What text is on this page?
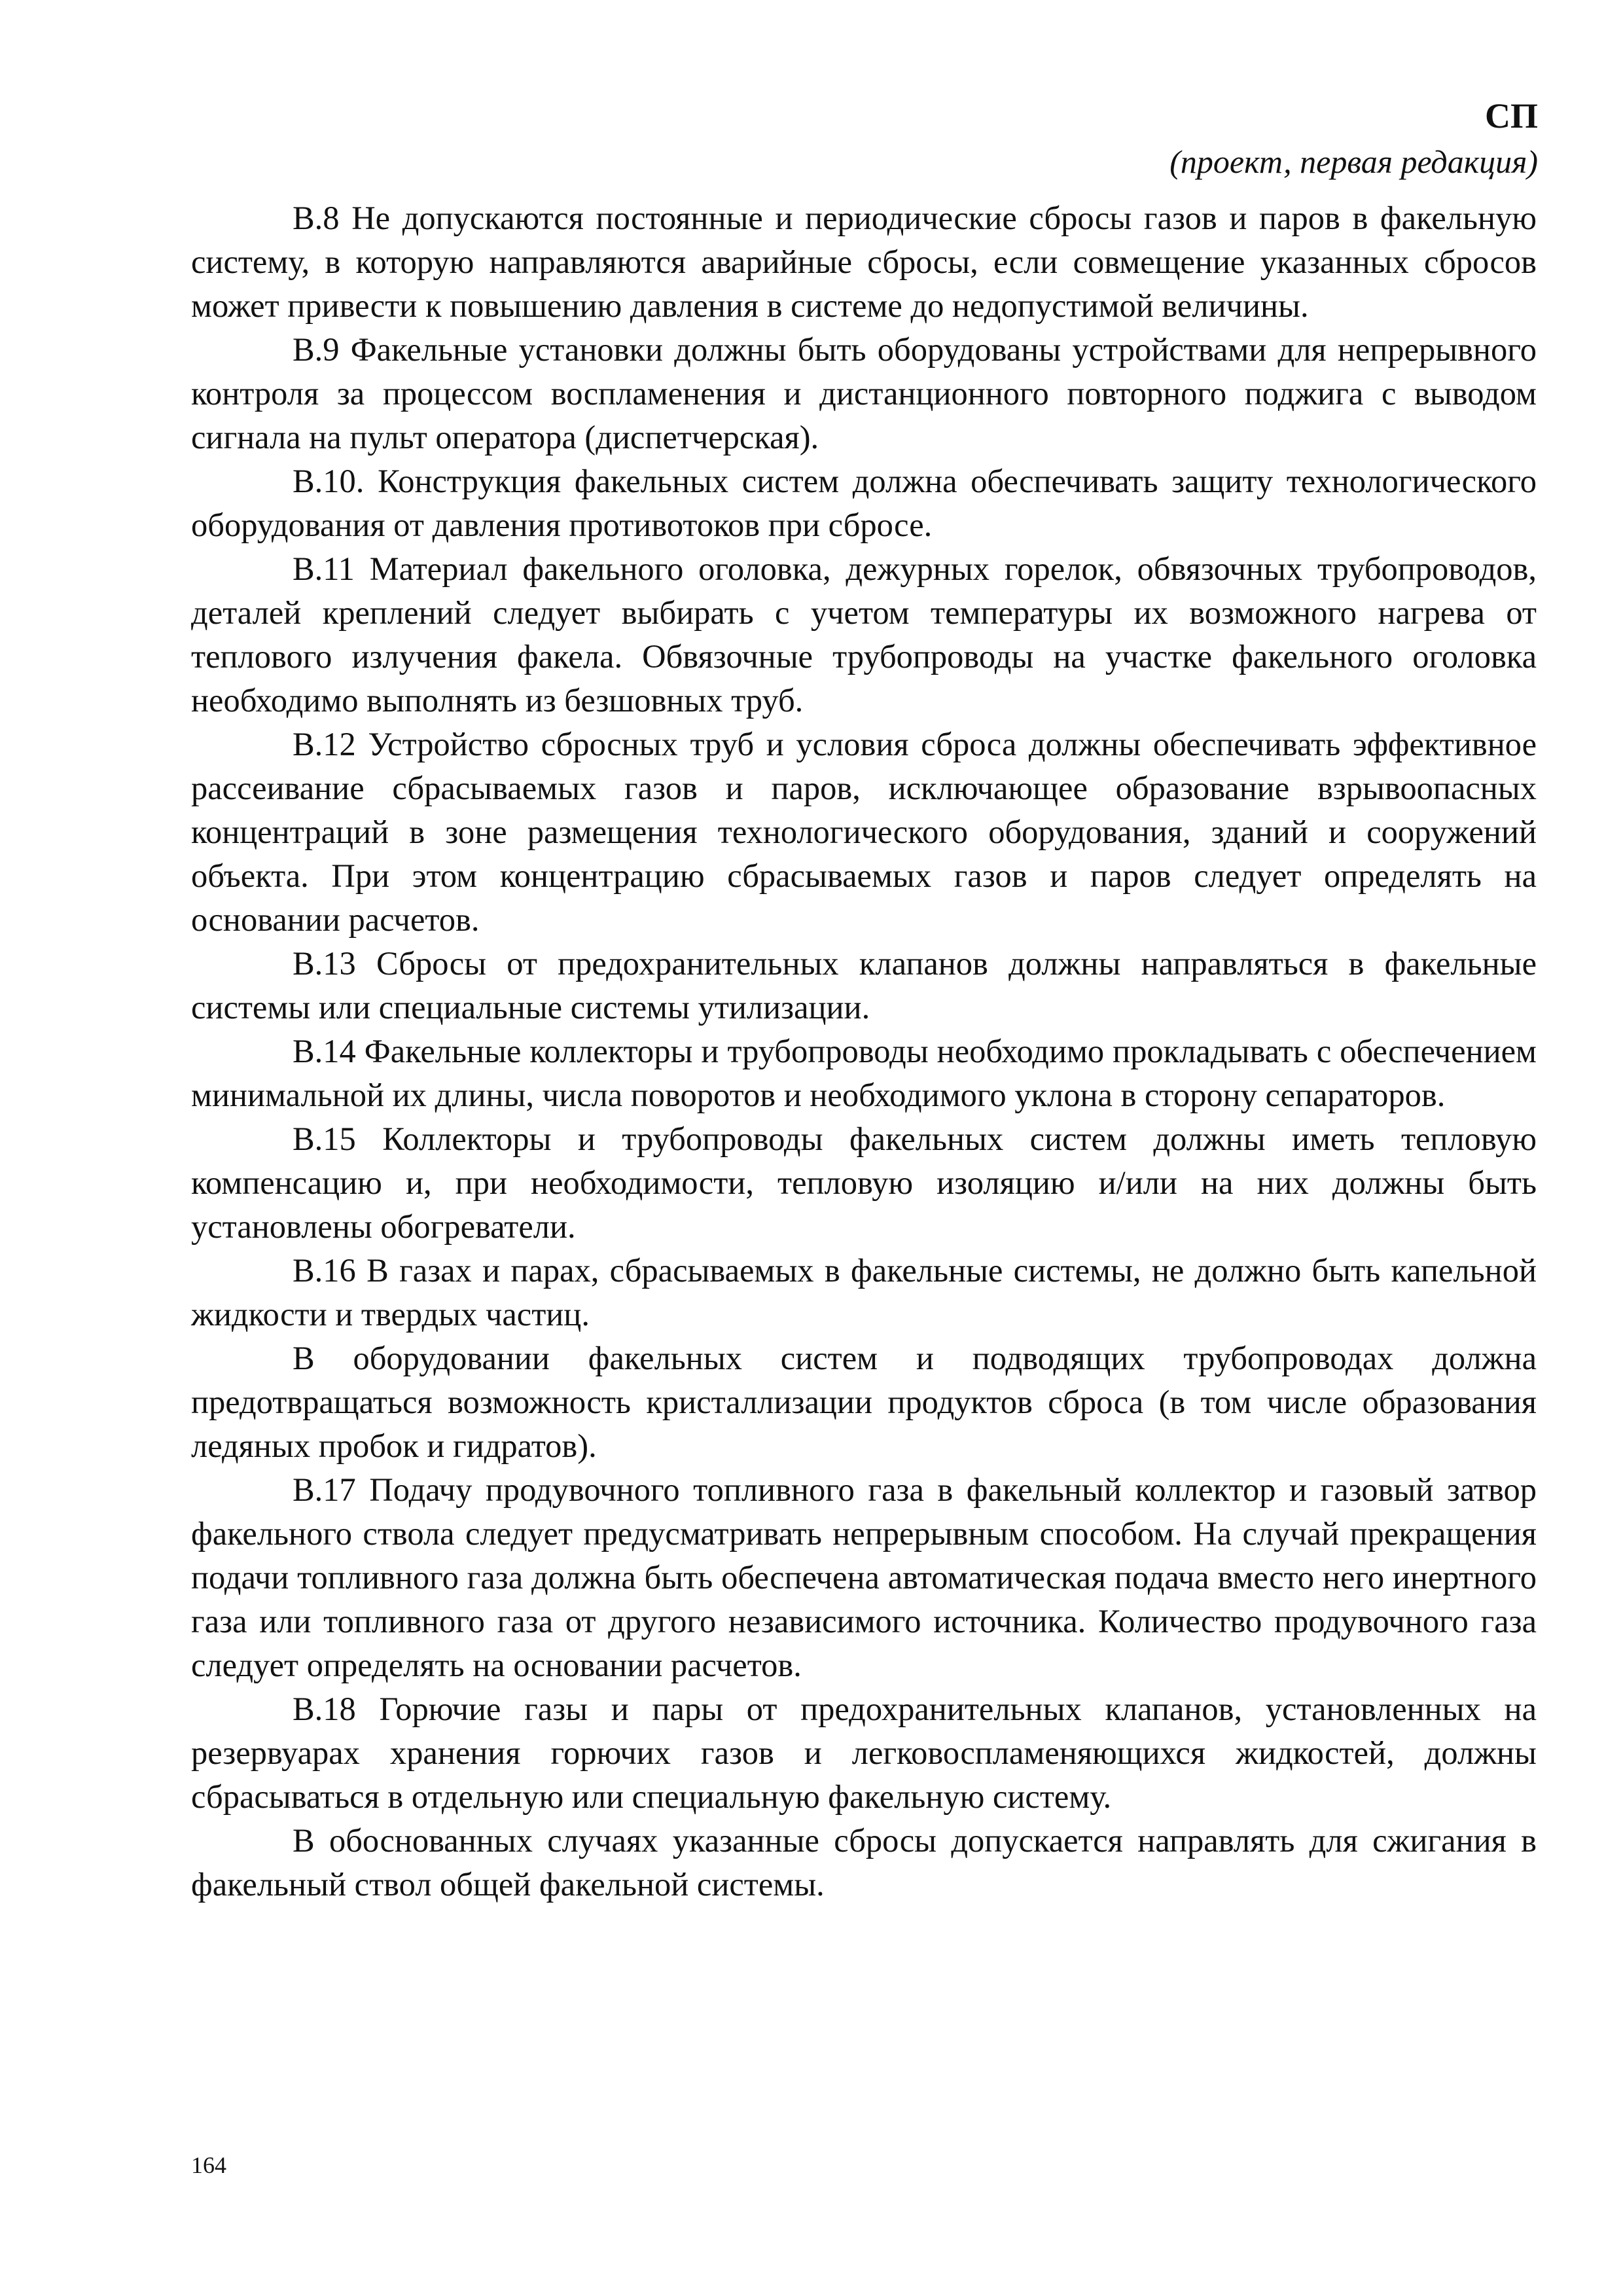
СП
(проект, первая редакция)

В.8 Не допускаются постоянные и периодические сбросы газов и паров в факельную систему, в которую направляются аварийные сбросы, если совмещение указанных сбросов может привести к повышению давления в системе до недопустимой величины.

В.9 Факельные установки должны быть оборудованы устройствами для непрерывного контроля за процессом воспламенения и дистанционного повторного поджига с выводом сигнала на пульт оператора (диспетчерская).

В.10. Конструкция факельных систем должна обеспечивать защиту технологического оборудования от давления противотоков при сбросе.

В.11 Материал факельного оголовка, дежурных горелок, обвязочных трубопроводов, деталей креплений следует выбирать с учетом температуры их возможного нагрева от теплового излучения факела. Обвязочные трубопроводы на участке факельного оголовка необходимо выполнять из безшовных труб.

В.12 Устройство сбросных труб и условия сброса должны обеспечивать эффективное рассеивание сбрасываемых газов и паров, исключающее образование взрывоопасных концентраций в зоне размещения технологического оборудования, зданий и сооружений объекта. При этом концентрацию сбрасываемых газов и паров следует определять на основании расчетов.

В.13 Сбросы от предохранительных клапанов должны направляться в факельные системы или специальные системы утилизации.

В.14 Факельные коллекторы и трубопроводы необходимо прокладывать с обеспечением минимальной их длины, числа поворотов и необходимого уклона в сторону сепараторов.

В.15 Коллекторы и трубопроводы факельных систем должны иметь тепловую компенсацию и, при необходимости, тепловую изоляцию и/или на них должны быть установлены обогреватели.

В.16 В газах и парах, сбрасываемых в факельные системы, не должно быть капельной жидкости и твердых частиц.

В оборудовании факельных систем и подводящих трубопроводах должна предотвращаться возможность кристаллизации продуктов сброса (в том числе образования ледяных пробок и гидратов).

В.17 Подачу продувочного топливного газа в факельный коллектор и газовый затвор факельного ствола следует предусматривать непрерывным способом. На случай прекращения подачи топливного газа должна быть обеспечена автоматическая подача вместо него инертного газа или топливного газа от другого независимого источника. Количество продувочного газа следует определять на основании расчетов.

В.18 Горючие газы и пары от предохранительных клапанов, установленных на резервуарах хранения горючих газов и легковоспламеняющихся жидкостей, должны сбрасываться в отдельную или специальную факельную систему.

В обоснованных случаях указанные сбросы допускается направлять для сжигания в факельный ствол общей факельной системы.

164
